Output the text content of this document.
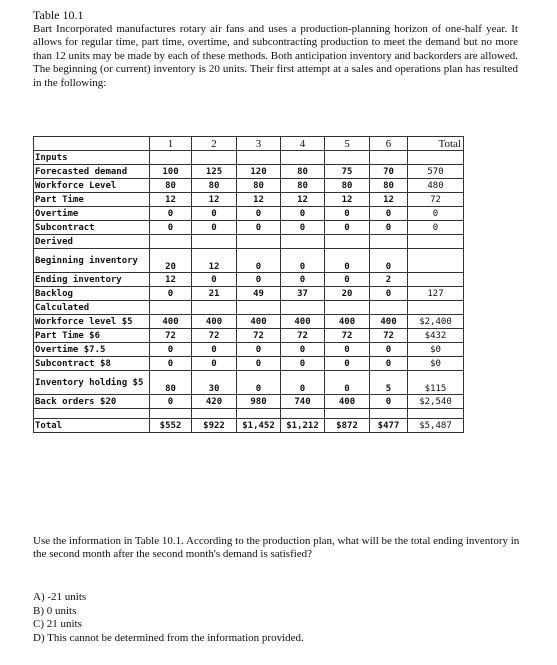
Table 10.1
Bart Incorporated manufactures rotary air fans and uses a production-planning horizon of one-half year. It allows for regular time, part time, overtime, and subcontracting production to meet the demand but no more than 12 units may be made by each of these methods. Both anticipation inventory and backorders are allowed. The beginning (or current) inventory is 20 units. Their first attempt at a sales and operations plan has resulted in the following:
	1	2	3	4	5	6	Total
Inputs							
Forecasted demand	100	125	120	80	75	70	570
Workforce Level	80	80	80	80	80	80	480
Part Time	12	12	12	12	12	12	72
Overtime	0	0	0	0	0	0	0
Subcontract	0	0	0	0	0	0	0
Derived							
Beginning inventory	20	12	0	0	0	0	
Ending inventory	12	0	0	0	0	2	
Backlog	0	21	49	37	20	0	127
Calculated							
Workforce level $5	400	400	400	400	400	400	$2,400
Part Time $6	72	72	72	72	72	72	$432
Overtime $7.5	0	0	0	0	0	0	$0
Subcontract $8	0	0	0	0	0	0	$0
Inventory holding $5	80	30	0	0	0	5	$115
Back orders $20	0	420	980	740	400	0	$2,540

Total	$552	$922	$1,452	$1,212	$872	$477	$5,487
Use the information in Table 10.1. According to the production plan, what will be the total ending inventory in the second month after the second month's demand is satisfied?
A) -21 units
B) 0 units
C) 21 units
D) This cannot be determined from the information provided.
